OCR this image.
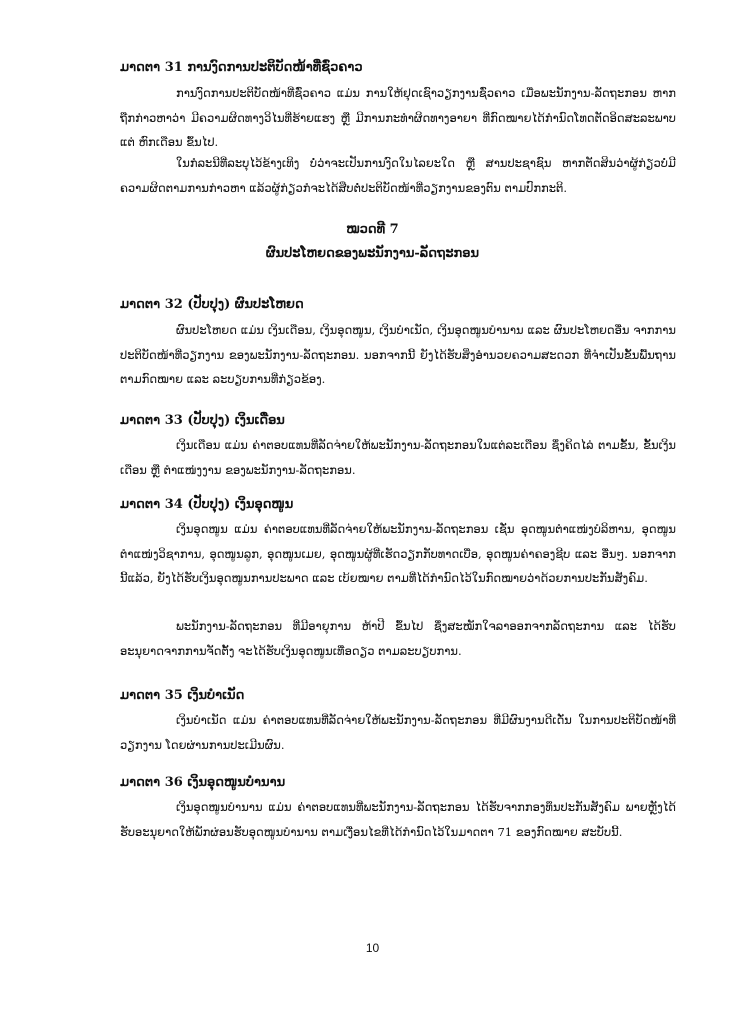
ມາດຕາ 31 ການງົດການປະຕິບັດໜ້າທີ່ຊົ່ວຄາວ
ການງົດການປະຕິບັດໜ້າທີ່ຊົ່ວຄາວ ແມ່ນ ການໃຫ້ຢຸດເຊົາວຽກງານຊົ່ວຄາວ ເມື່ອພະນັກງານ-ລັດຖະກອນ ຫາກຖືກກ່າວຫາວ່າ ມີຄວາມຜິດທາງວິໄນທີ່ຮ້າຍແຮງ ຫຼື ມີການກະທຳຜິດທາງອາຍາ ທີ່ກົດໝາຍໄດ້ກຳນົດໂທດຕັດອິດສະລະພາບ ແຕ່ ຫົກເດືອນ ຂຶ້ນໄປ.
ໃນກໍລະນີທີ່ລະບຸໄວ້ຂ້າງເທິງ ບໍ່ວ່າຈະເປັນການງົດໃນໄລຍະໃດ ຫຼື ສານປະຊາຊົນ ຫາກຕັດສິນວ່າຜູ້ກ່ຽວບໍ່ມີຄວາມຜິດຕາມການກ່າວຫາ ແລ້ວຜູ້ກ່ຽວກໍຈະໄດ້ສືບຕໍ່ປະຕິບັດໜ້າທີ່ວຽກງານຂອງຕົນ ຕາມປົກກະຕິ.
ໝວດທີ 7
ຜົນປະໂຫຍດຂອງພະນັກງານ-ລັດຖະກອນ
ມາດຕາ 32 (ປັບປຸງ) ຜົນປະໂຫຍດ
ຜົນປະໂຫຍດ ແມ່ນ ເງິນເດືອນ, ເງິນອຸດໜູນ, ເງິນບຳເນັດ, ເງິນອຸດໜູນບຳນານ ແລະ ຜົນປະໂຫຍດອື່ນ ຈາກການປະຕິບັດໜ້າທີ່ວຽກງານ ຂອງພະນັກງານ-ລັດຖະກອນ. ນອກຈາກນີ້ ຍັງໄດ້ຮັບສິ່ງອຳນວຍຄວາມສະດວກ ທີ່ຈຳເປັນຂັ້ນພື້ນຖານ ຕາມກົດໝາຍ ແລະ ລະບຽບການທີ່ກ່ຽວຂ້ອງ.
ມາດຕາ 33 (ປັບປຸງ) ເງິນເດືອນ
ເງິນເດືອນ ແມ່ນ ຄ່າຕອບແທນທີ່ລັດຈ່າຍໃຫ້ພະນັກງານ-ລັດຖະກອນໃນແຕ່ລະເດືອນ ຊຶ່ງຄິດໄລ່ ຕາມຂັ້ນ, ຂັ້ນເງິນເດືອນ ຫຼື ຕຳແໜ່ງງານ ຂອງພະນັກງານ-ລັດຖະກອນ.
ມາດຕາ 34 (ປັບປຸງ) ເງິນອຸດໜູນ
ເງິນອຸດໜູນ ແມ່ນ ຄ່າຕອບແທນທີ່ລັດຈ່າຍໃຫ້ພະນັກງານ-ລັດຖະກອນ ເຊັ່ນ ອຸດໜູນຕຳແໜ່ງບໍລິຫານ, ອຸດໜູນຕຳແໜ່ງວິຊາການ, ອຸດໜູນລູກ, ອຸດໜູນເມຍ, ອຸດໜູນຜູ້ທີ່ເຮັດວຽກກັບທາດເບື່ອ, ອຸດໜູນຄ່າຄອງຊີບ ແລະ ອື່ນໆ. ນອກຈາກນີ້ແລ້ວ, ຍັງໄດ້ຮັບເງິນອຸດໜູນການປະພາດ ແລະ ເບ້ຍໝາຍ ຕາມທີ່ໄດ້ກຳນົດໄວ້ໃນກົດໝາຍວ່າດ້ວຍການປະກັນສັງຄົມ.
ພະນັກງານ-ລັດຖະກອນ ທີ່ມີອາຍຸການ ຫ້າປີ ຂຶ້ນໄປ ຊຶ່ງສະໝັກໃຈລາອອກຈາກລັດຖະການ ແລະ ໄດ້ຮັບອະນຸຍາດຈາກການຈັດຕັ້ງ ຈະໄດ້ຮັບເງິນອຸດໜູນເທື່ອດຽວ ຕາມລະບຽບການ.
ມາດຕາ 35 ເງິນບຳເນັດ
ເງິນບຳເນັດ ແມ່ນ ຄ່າຕອບແທນທີ່ລັດຈ່າຍໃຫ້ພະນັກງານ-ລັດຖະກອນ ທີ່ມີຜົນງານດີເດັ່ນ ໃນການປະຕິບັດໜ້າທີ່ວຽກງານ ໂດຍຜ່ານການປະເມີນຜົນ.
ມາດຕາ 36 ເງິນອຸດໜູນບຳນານ
ເງິນອຸດໜູນບຳນານ ແມ່ນ ຄ່າຕອບແທນທີ່ພະນັກງານ-ລັດຖະກອນ ໄດ້ຮັບຈາກກອງທຶນປະກັນສັງຄົມ ພາຍຫຼັງໄດ້ຮັບອະນຸຍາດໃຫ້ພັກຜ່ອນຮັບອຸດໜູນບຳນານ ຕາມເງື່ອນໄຂທີ່ໄດ້ກຳນົດໄວ້ໃນມາດຕາ 71 ຂອງກົດໝາຍ ສະບັບນີ້.
10
